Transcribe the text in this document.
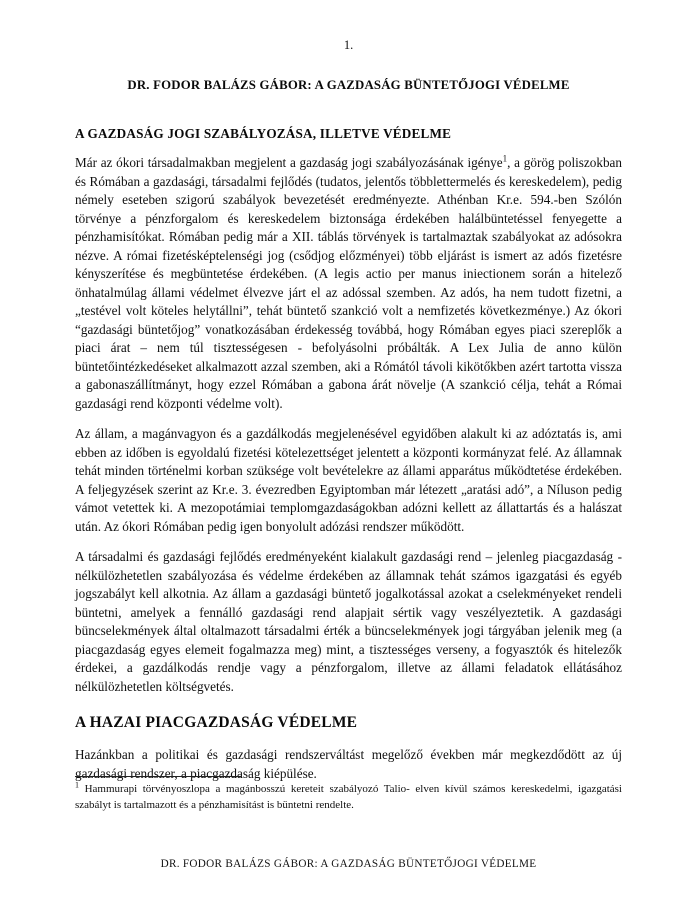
1.
DR. FODOR BALÁZS GÁBOR: A GAZDASÁG BÜNTETŐJOGI VÉDELME
A GAZDASÁG JOGI SZABÁLYOZÁSA, ILLETVE VÉDELME

Már az ókori társadalmakban megjelent a gazdaság jogi szabályozásának igénye$^1$, a görög poliszokban és Rómában a gazdasági, társadalmi fejlődés (tudatos, jelentős többlettermelés és kereskedelem), pedig némely eseteben szigorú szabályok bevezetését eredményezte. Athénban Kr.e. 594.-ben Szólón törvénye a pénzforgalom és kereskedelem biztonsága érdekében halálbüntetéssel fenyegette a pénzhamisítókat. Rómában pedig már a XII. táblás törvények is tartalmaztak szabályokat az adósokra nézve. A római fizetésképtelenségi jog (csődjog előzményei) több eljárást is ismert az adós fizetésre kényszerítése és megbüntetése érdekében. (A legis actio per manus iniectionem során a hitelező önhatalmúlag állami védelmet élvezve járt el az adóssal szemben. Az adós, ha nem tudott fizetni, a „testével volt köteles helytállni”, tehát büntető szankció volt a nemfizetés következménye.) Az ókori “gazdasági büntetőjog” vonatkozásában érdekesség továbbá, hogy Rómában egyes piaci szereplők a piaci árat – nem túl tisztességesen - befolyásolni próbálták. A Lex Julia de anno külön büntetőintézkedéseket alkalmazott azzal szemben, aki a Rómától távoli kikötőkben azért tartotta vissza a gabonaszállítmányt, hogy ezzel Rómában a gabona árát növelje (A szankció célja, tehát a Római gazdasági rend központi védelme volt).

Az állam, a magánvagyon és a gazdálkodás megjelenésével egyidőben alakult ki az adóztatás is, ami ebben az időben is egyoldalú fizetési kötelezettséget jelentett a központi kormányzat felé. Az államnak tehát minden történelmi korban szüksége volt bevételekre az állami apparátus működtetése érdekében. A feljegyzések szerint az Kr.e. 3. évezredben Egyiptomban már létezett „aratási adó”, a Níluson pedig vámot vetettek ki. A mezopotámiai templomgazdaságokban adózni kellett az állattartás és a halászat után. Az ókori Rómában pedig igen bonyolult adózási rendszer működött.

A társadalmi és gazdasági fejlődés eredményeként kialakult gazdasági rend – jelenleg piacgazdaság - nélkülözhetetlen szabályozása és védelme érdekében az államnak tehát számos igazgatási és egyéb jogszabályt kell alkotnia. Az állam a gazdasági büntető jogalkotással azokat a cselekményeket rendeli büntetni, amelyek a fennálló gazdasági rend alapjait sértik vagy veszélyeztetik. A gazdasági büncselekmények által oltalmazott társadalmi érték a büncselekmények jogi tárgyában jelenik meg (a piacgazdaság egyes elemeit fogalmazza meg) mint, a tisztességes verseny, a fogyasztók és hitelezők érdekei, a gazdálkodás rendje vagy a pénzforgalom, illetve az állami feladatok ellátásához nélkülözhetetlen költségvetés.

A HAZAI PIACGAZDASÁG VÉDELME

Hazánkban a politikai és gazdasági rendszerváltást megelőző években már megkezdődött az új gazdasági rendszer, a piacgazdaság kiépülése.

$^1$ Hammurapi törvényoszlopa a magánbosszú kereteit szabályozó Talio- elven kívül számos kereskedelmi, igazgatási szabályt is tartalmazott és a pénzhamisítást is büntetni rendelte.
DR. FODOR BALÁZS GÁBOR: A GAZDASÁG BÜNTETŐJOGI VÉDELME
